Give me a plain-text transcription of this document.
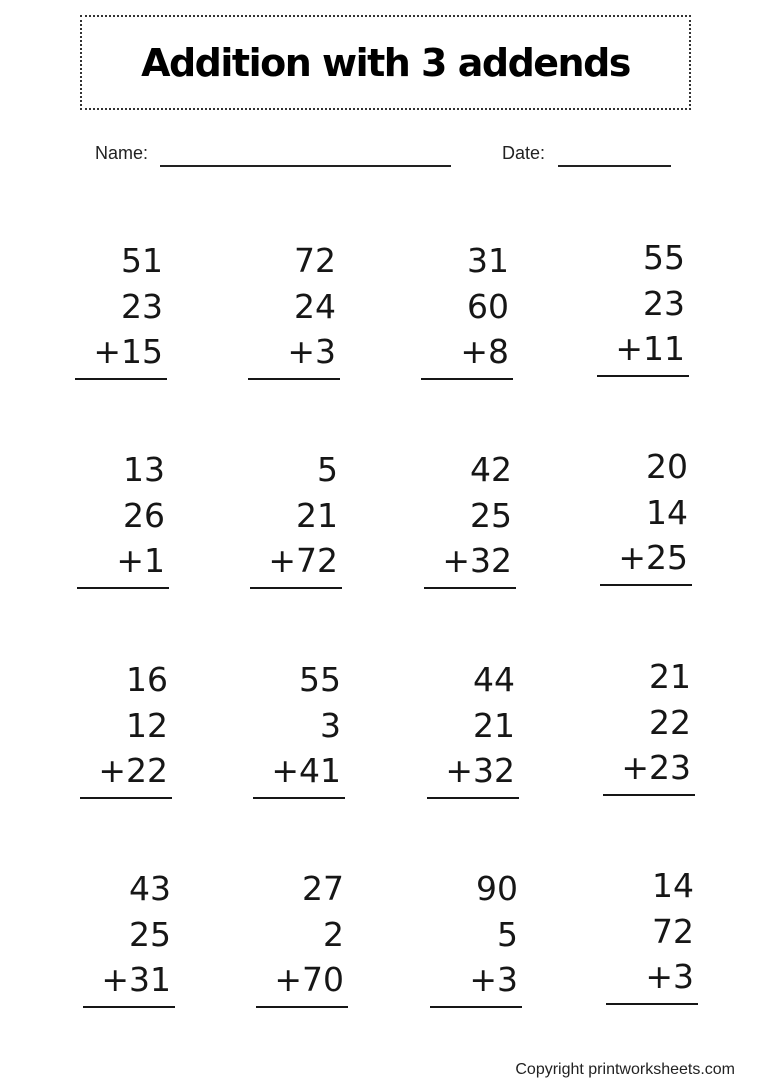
Addition with 3 addends
Name:	Date:
51
23
+15
72
24
+3
31
60
+8
55
23
+11
13
26
+1
5
21
+72
42
25
+32
20
14
+25
16
12
+22
55
3
+41
44
21
+32
21
22
+23
43
25
+31
27
2
+70
90
5
+3
14
72
+3
Copyright printworksheets.com
